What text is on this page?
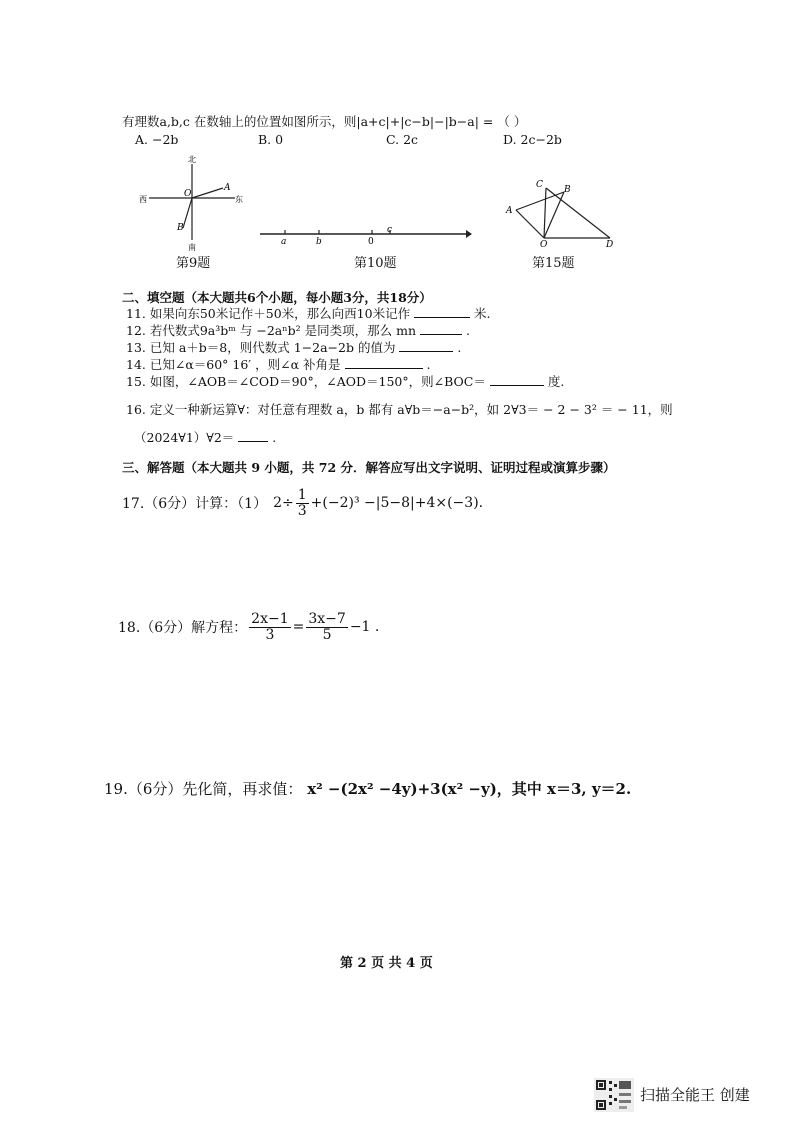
有理数a,b,c 在数轴上的位置如图所示，则|a+c|+|c−b|−|b−a| = （ ）
A. −2b	B. 0	C. 2c	D. 2c−2b
北
南
西	东
O
A
B
第9题
a	b	0
c
第10题
A
C B
O	D
第15题
二、填空题（本大题共6个小题，每小题3分，共18分）
11. 如果向东50米记作＋50米，那么向西10米记作	米.
12. 若代数式9a³bᵐ 与 −2aⁿb² 是同类项，那么 mn	.
13. 已知 a＋b＝8，则代数式 1−2a−2b 的值为	.
14. 已知∠α＝60° 16′ ，则∠α 补角是	.
15. 如图，∠AOB＝∠COD＝90°，∠AOD＝150°，则∠BOC＝	度.
16. 定义一种新运算∀：对任意有理数 a，b 都有 a∀b＝−a−b²，如 2∀3＝ − 2 − 3² ＝ − 11，则
（2024∀1）∀2＝	.
三、解答题（本大题共 9 小题，共 72 分．解答应写出文字说明、证明过程或演算步骤）
17.（6分）计算：（1） $2\div \frac{1}{3} +(-2)^3 -|5-8|+4\times(-3)$.
18.（6分）解方程： $\frac{2x-1}{3} = \frac{3x-7}{5} -1$ .
19.（6分）先化简，再求值： x² −(2x² −4y)+3(x² −y)，其中 x＝3, y＝2.
第 2 页 共 4 页
扫描全能王 创建
